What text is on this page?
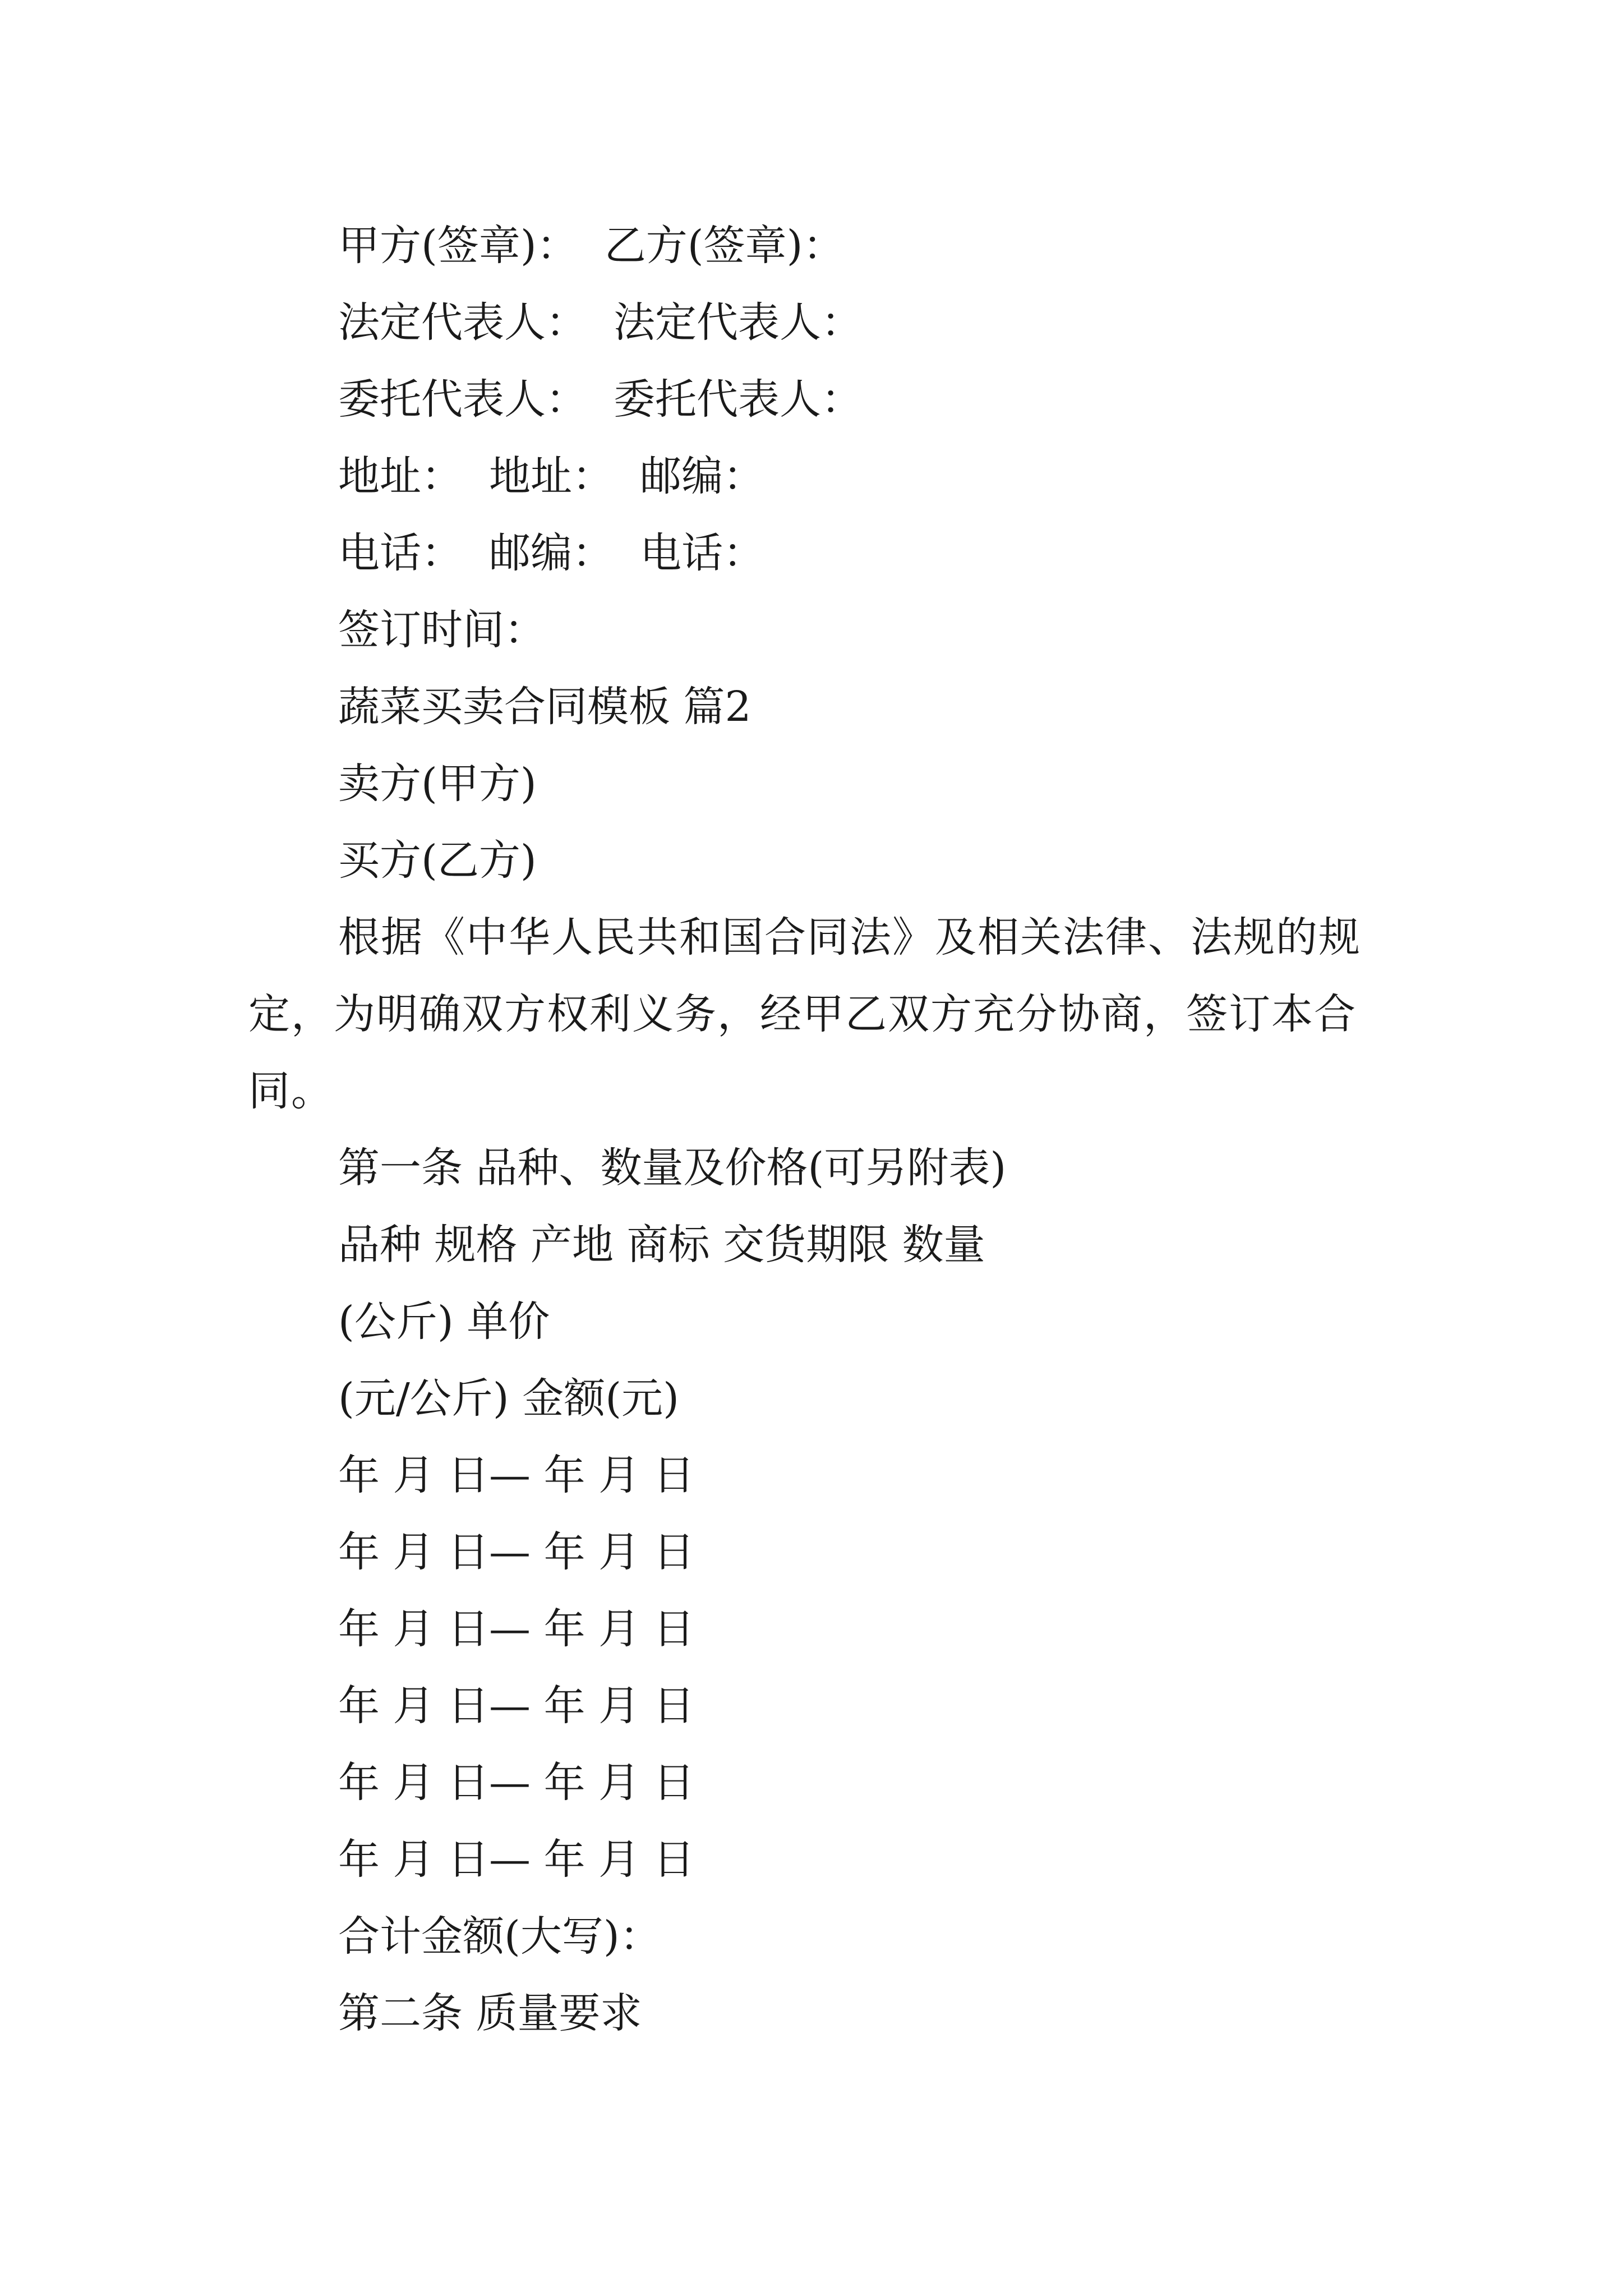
甲方(签章)：  乙方(签章)：
法定代表人：  法定代表人：
委托代表人：  委托代表人：
地址：  地址：  邮编：
电话：  邮编：  电话：
签订时间：
蔬菜买卖合同模板 篇2
卖方(甲方)
买方(乙方)
根据《中华人民共和国合同法》及相关法律、法规的规定，为明确双方权利义务，经甲乙双方充分协商，签订本合同。
第一条 品种、数量及价格(可另附表)
品种 规格 产地 商标 交货期限 数量
(公斤) 单价
(元/公斤) 金额(元)
年 月 日— 年 月 日
年 月 日— 年 月 日
年 月 日— 年 月 日
年 月 日— 年 月 日
年 月 日— 年 月 日
年 月 日— 年 月 日
合计金额(大写)：
第二条 质量要求
